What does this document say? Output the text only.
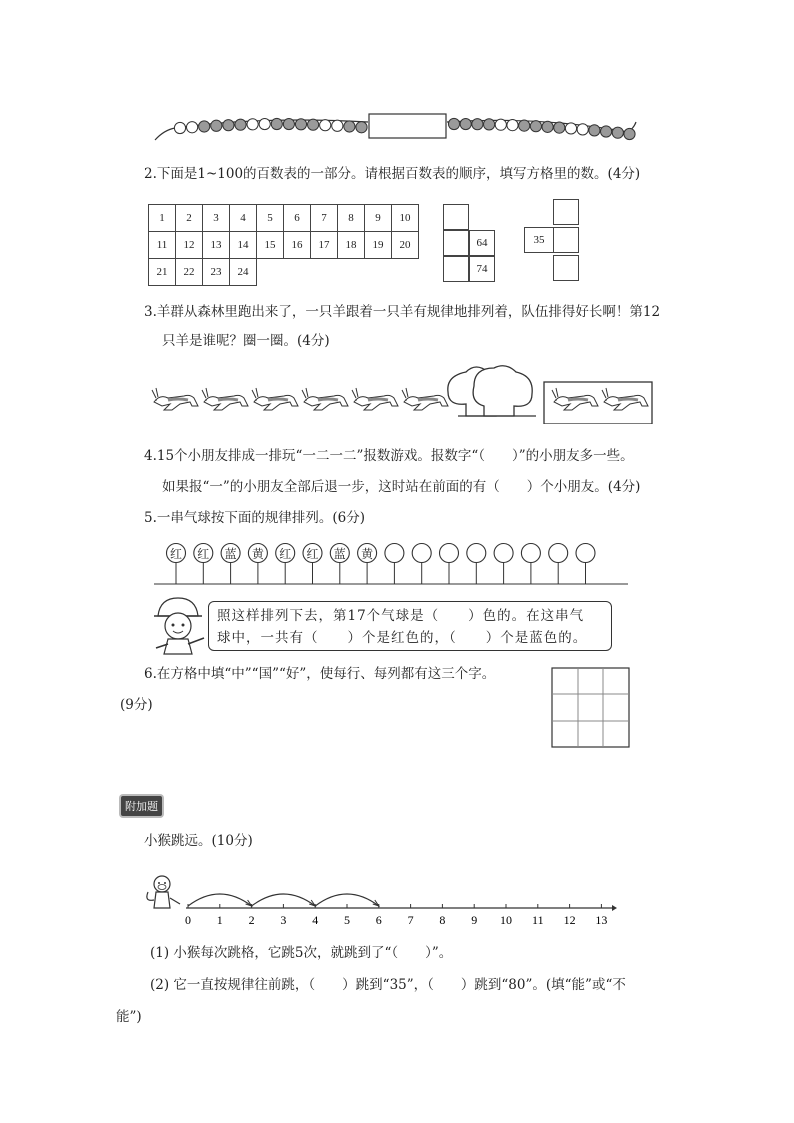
2.下面是1~100的百数表的一部分。请根据百数表的顺序，填写方格里的数。(4分)
1	2	3	4	5	6	7	8	9	10
11	12	13	14	15	16	17	18	19	20
21	22	23	24						
64
74
35
3.羊群从森林里跑出来了，一只羊跟着一只羊有规律地排列着，队伍排得好长啊！第12
只羊是谁呢？圈一圈。(4分)
4.15个小朋友排成一排玩“一二一二”报数游戏。报数字“（　　）”的小朋友多一些。
如果报“一”的小朋友全部后退一步，这时站在前面的有（　　）个小朋友。(4分)
5.一串气球按下面的规律排列。(6分)
红 红 蓝 黄 红 红 蓝 黄
照这样排列下去，第17个气球是（　　）色的。在这串气
球中，一共有（　　）个是红色的，（　　）个是蓝色的。
6.在方格中填“中”“国”“好”，使每行、每列都有这三个字。
(9分)
附加题
小猴跳远。(10分)
0 1 2 3 4 5 6 7 8 9 10 11 12 13
(1) 小猴每次跳格，它跳5次，就跳到了“（　　）”。
(2) 它一直按规律往前跳，（　　）跳到“35”，（　　）跳到“80”。(填“能”或“不
能”)
